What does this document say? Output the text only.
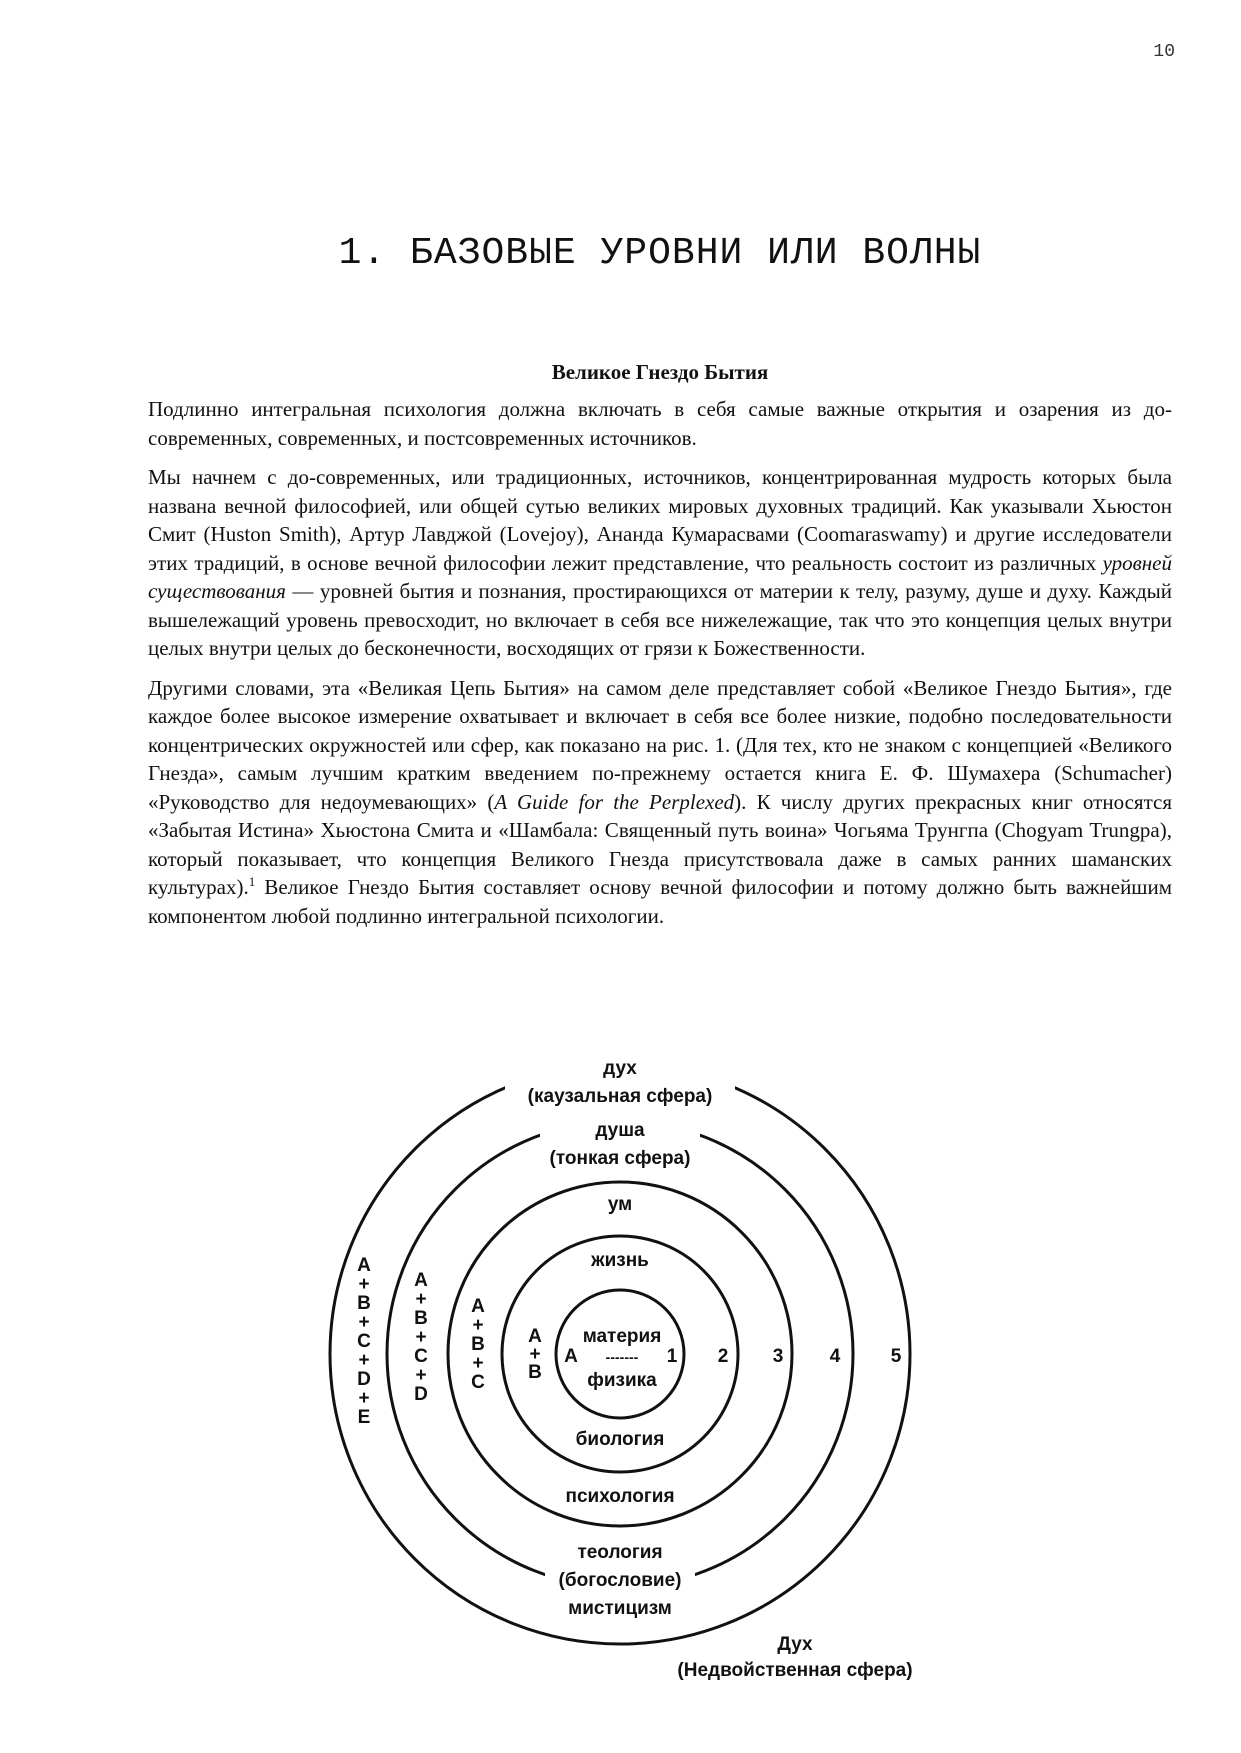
10
1. БАЗОВЫЕ УРОВНИ ИЛИ ВОЛНЫ
Великое Гнездо Бытия

Подлинно интегральная психология должна включать в себя самые важные открытия и озарения из до-современных, современных, и постсовременных источников.

Мы начнем с до-современных, или традиционных, источников, концентрированная мудрость которых была названа вечной философией, или общей сутью великих мировых духовных традиций. Как указывали Хьюстон Смит (Huston Smith), Артур Лавджой (Lovejoy), Ананда Кумарасвами (Coomaraswamy) и другие исследователи этих традиций, в основе вечной философии лежит представление, что реальность состоит из различных уровней существования — уровней бытия и познания, простирающихся от материи к телу, разуму, душе и духу. Каждый вышележащий уровень превосходит, но включает в себя все нижележащие, так что это концепция целых внутри целых внутри целых до бесконечности, восходящих от грязи к Божественности.

Другими словами, эта «Великая Цепь Бытия» на самом деле представляет собой «Великое Гнездо Бытия», где каждое более высокое измерение охватывает и включает в себя все более низкие, подобно последовательности концентрических окружностей или сфер, как показано на рис. 1. (Для тех, кто не знаком с концепцией «Великого Гнезда», самым лучшим кратким введением по-прежнему остается книга Е. Ф. Шумахера (Schumacher) «Руководство для недоумевающих» (A Guide for the Perplexed). К числу других прекрасных книг относятся «Забытая Истина» Хьюстона Смита и «Шамбала: Священный путь воина» Чогьяма Трунгпа (Chogyam Trungpa), который показывает, что концепция Великого Гнезда присутствовала даже в самых ранних шаманских культурах).$^1$ Великое Гнездо Бытия составляет основу вечной философии и потому должно быть важнейшим компонентом любой подлинно интегральной психологии.

дух
(каузальная сфера)
мистицизм
душа
(тонкая сфера)
теология
(богословие)
ум
психология
жизнь
биология
материя
-------
физика
А	1 2 3 4	5
А
+
В
А
+
В
+
С
А
+
В
+
С
+
D
А
+
В
+
С
+
D
+
E
Дух
(Недвойственная сфера)
